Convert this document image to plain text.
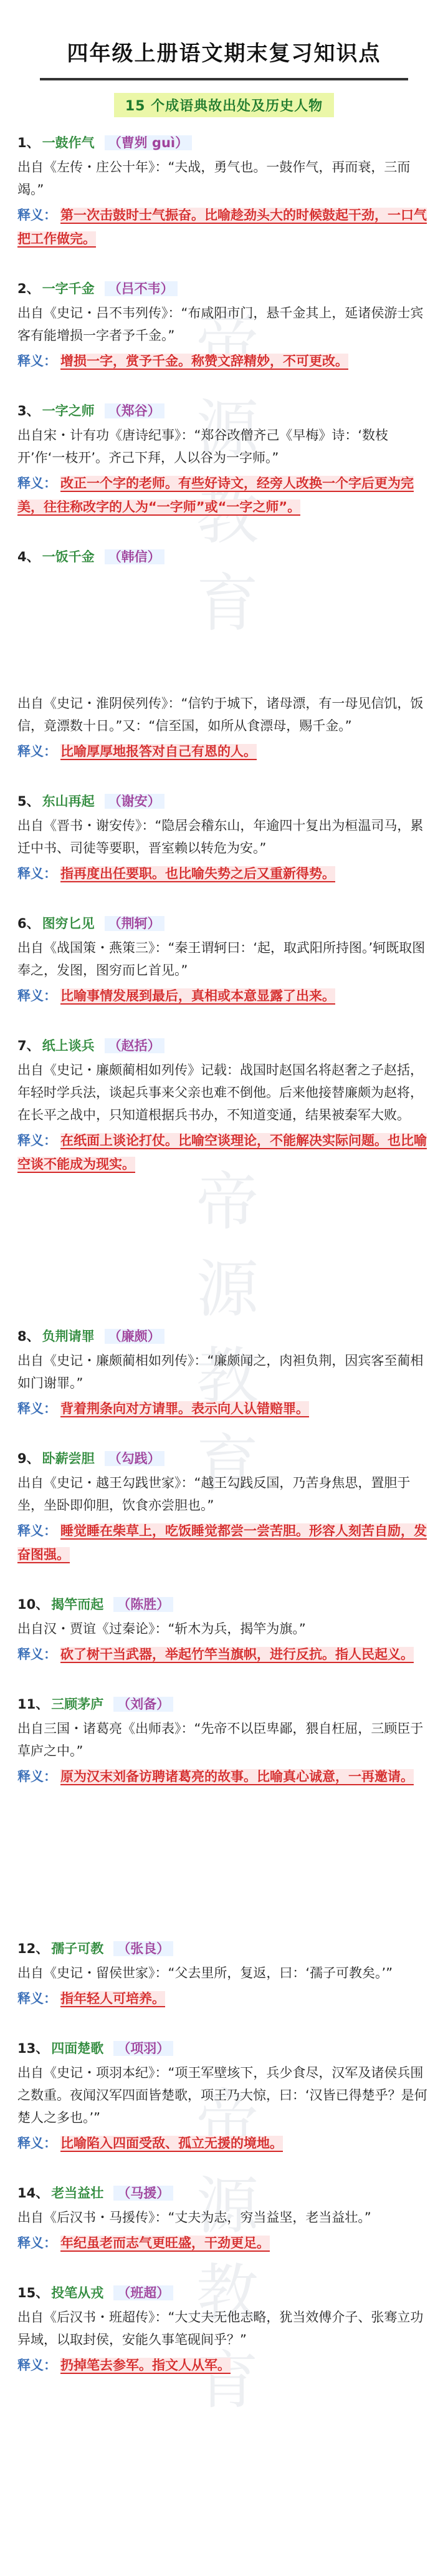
帝源教育
帝源教育
帝源教育
四年级上册语文期末复习知识点
15 个成语典故出处及历史人物
1、 一鼓作气 （曹刿 guì）

出自《左传・庄公十年》：“夫战，勇气也。一鼓作气，再而衰，三而竭。”

释义： 第一次击鼓时士气振奋。比喻趁劲头大的时候鼓起干劲，一口气把工作做完。

2、 一字千金 （吕不韦）

出自《史记・吕不韦列传》：“布咸阳市门，悬千金其上，延诸侯游士宾客有能增损一字者予千金。”

释义： 增损一字，赏予千金。称赞文辞精妙，不可更改。

3、 一字之师 （郑谷）

出自宋・计有功《唐诗纪事》：“郑谷改僧齐己《早梅》诗：‘数枝开’作‘一枝开’。齐己下拜，人以谷为一字师。”

释义： 改正一个字的老师。有些好诗文，经旁人改换一个字后更为完美，往往称改字的人为“一字师”或“一字之师”。

4、 一饭千金 （韩信）

出自《史记・淮阴侯列传》：“信钓于城下，诸母漂，有一母见信饥，饭信，竟漂数十日。”又：“信至国，如所从食漂母，赐千金。”

释义： 比喻厚厚地报答对自己有恩的人。

5、 东山再起 （谢安）

出自《晋书・谢安传》：“隐居会稽东山，年逾四十复出为桓温司马，累迁中书、司徒等要职，晋室赖以转危为安。”

释义： 指再度出任要职。也比喻失势之后又重新得势。

6、 图穷匕见 （荆轲）

出自《战国策・燕策三》：“秦王谓轲曰：‘起，取武阳所持图。’轲既取图奉之，发图，图穷而匕首见。”

释义： 比喻事情发展到最后，真相或本意显露了出来。

7、 纸上谈兵 （赵括）

出自《史记・廉颇蔺相如列传》记载：战国时赵国名将赵奢之子赵括，年轻时学兵法，谈起兵事来父亲也难不倒他。后来他接替廉颇为赵将，在长平之战中，只知道根据兵书办，不知道变通，结果被秦军大败。

释义： 在纸面上谈论打仗。比喻空谈理论，不能解决实际问题。也比喻空谈不能成为现实。

8、 负荆请罪 （廉颇）

出自《史记・廉颇蔺相如列传》：“廉颇闻之，肉袒负荆，因宾客至蔺相如门谢罪。”

释义： 背着荆条向对方请罪。表示向人认错赔罪。

9、 卧薪尝胆 （勾践）

出自《史记・越王勾践世家》：“越王勾践反国，乃苦身焦思，置胆于坐，坐卧即仰胆，饮食亦尝胆也。”

释义： 睡觉睡在柴草上，吃饭睡觉都尝一尝苦胆。形容人刻苦自励，发奋图强。

10、 揭竿而起 （陈胜）

出自汉・贾谊《过秦论》：“斩木为兵，揭竿为旗。”

释义： 砍了树干当武器，举起竹竿当旗帜，进行反抗。指人民起义。

11、 三顾茅庐 （刘备）

出自三国・诸葛亮《出师表》：“先帝不以臣卑鄙，猥自枉屈，三顾臣于草庐之中。”

释义： 原为汉末刘备访聘诸葛亮的故事。比喻真心诚意，一再邀请。

12、 孺子可教 （张良）

出自《史记・留侯世家》：“父去里所，复返，曰：‘孺子可教矣。’”

释义： 指年轻人可培养。

13、 四面楚歌 （项羽）

出自《史记・项羽本纪》：“项王军壁垓下，兵少食尽，汉军及诸侯兵围之数重。夜闻汉军四面皆楚歌，项王乃大惊，曰：‘汉皆已得楚乎？是何楚人之多也。’”

释义： 比喻陷入四面受敌、孤立无援的境地。

14、 老当益壮 （马援）

出自《后汉书・马援传》：“丈夫为志，穷当益坚，老当益壮。”

释义： 年纪虽老而志气更旺盛，干劲更足。

15、 投笔从戎 （班超）

出自《后汉书・班超传》：“大丈夫无他志略，犹当效傅介子、张骞立功异域，以取封侯，安能久事笔砚间乎？”

释义： 扔掉笔去参军。指文人从军。
